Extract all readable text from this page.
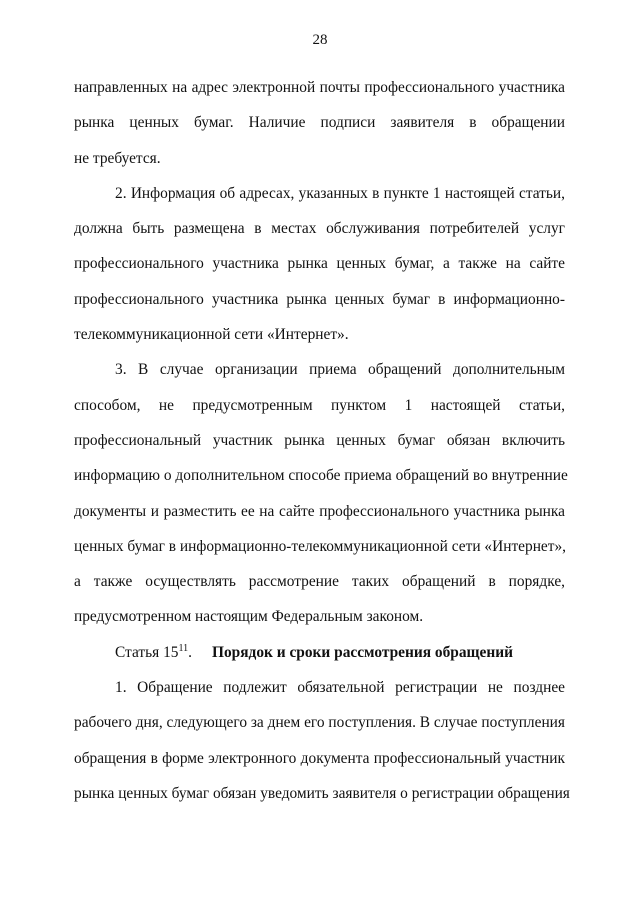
28
направленных на адрес электронной почты профессионального участника
рынка ценных бумаг. Наличие подписи заявителя в обращении
не требуется.
2. Информация об адресах, указанных в пункте 1 настоящей статьи,
должна быть размещена в местах обслуживания потребителей услуг
профессионального участника рынка ценных бумаг, а также на сайте
профессионального участника рынка ценных бумаг в информационно-
телекоммуникационной сети «Интернет».
3. В случае организации приема обращений дополнительным
способом, не предусмотренным пунктом 1 настоящей статьи,
профессиональный участник рынка ценных бумаг обязан включить
информацию о дополнительном способе приема обращений во внутренние
документы и разместить ее на сайте профессионального участника рынка
ценных бумаг в информационно-телекоммуникационной сети «Интернет»,
а также осуществлять рассмотрение таких обращений в порядке,
предусмотренном настоящим Федеральным законом.
Статья $15^{11}$. Порядок и сроки рассмотрения обращений
1. Обращение подлежит обязательной регистрации не позднее
рабочего дня, следующего за днем его поступления. В случае поступления
обращения в форме электронного документа профессиональный участник
рынка ценных бумаг обязан уведомить заявителя о регистрации обращения
